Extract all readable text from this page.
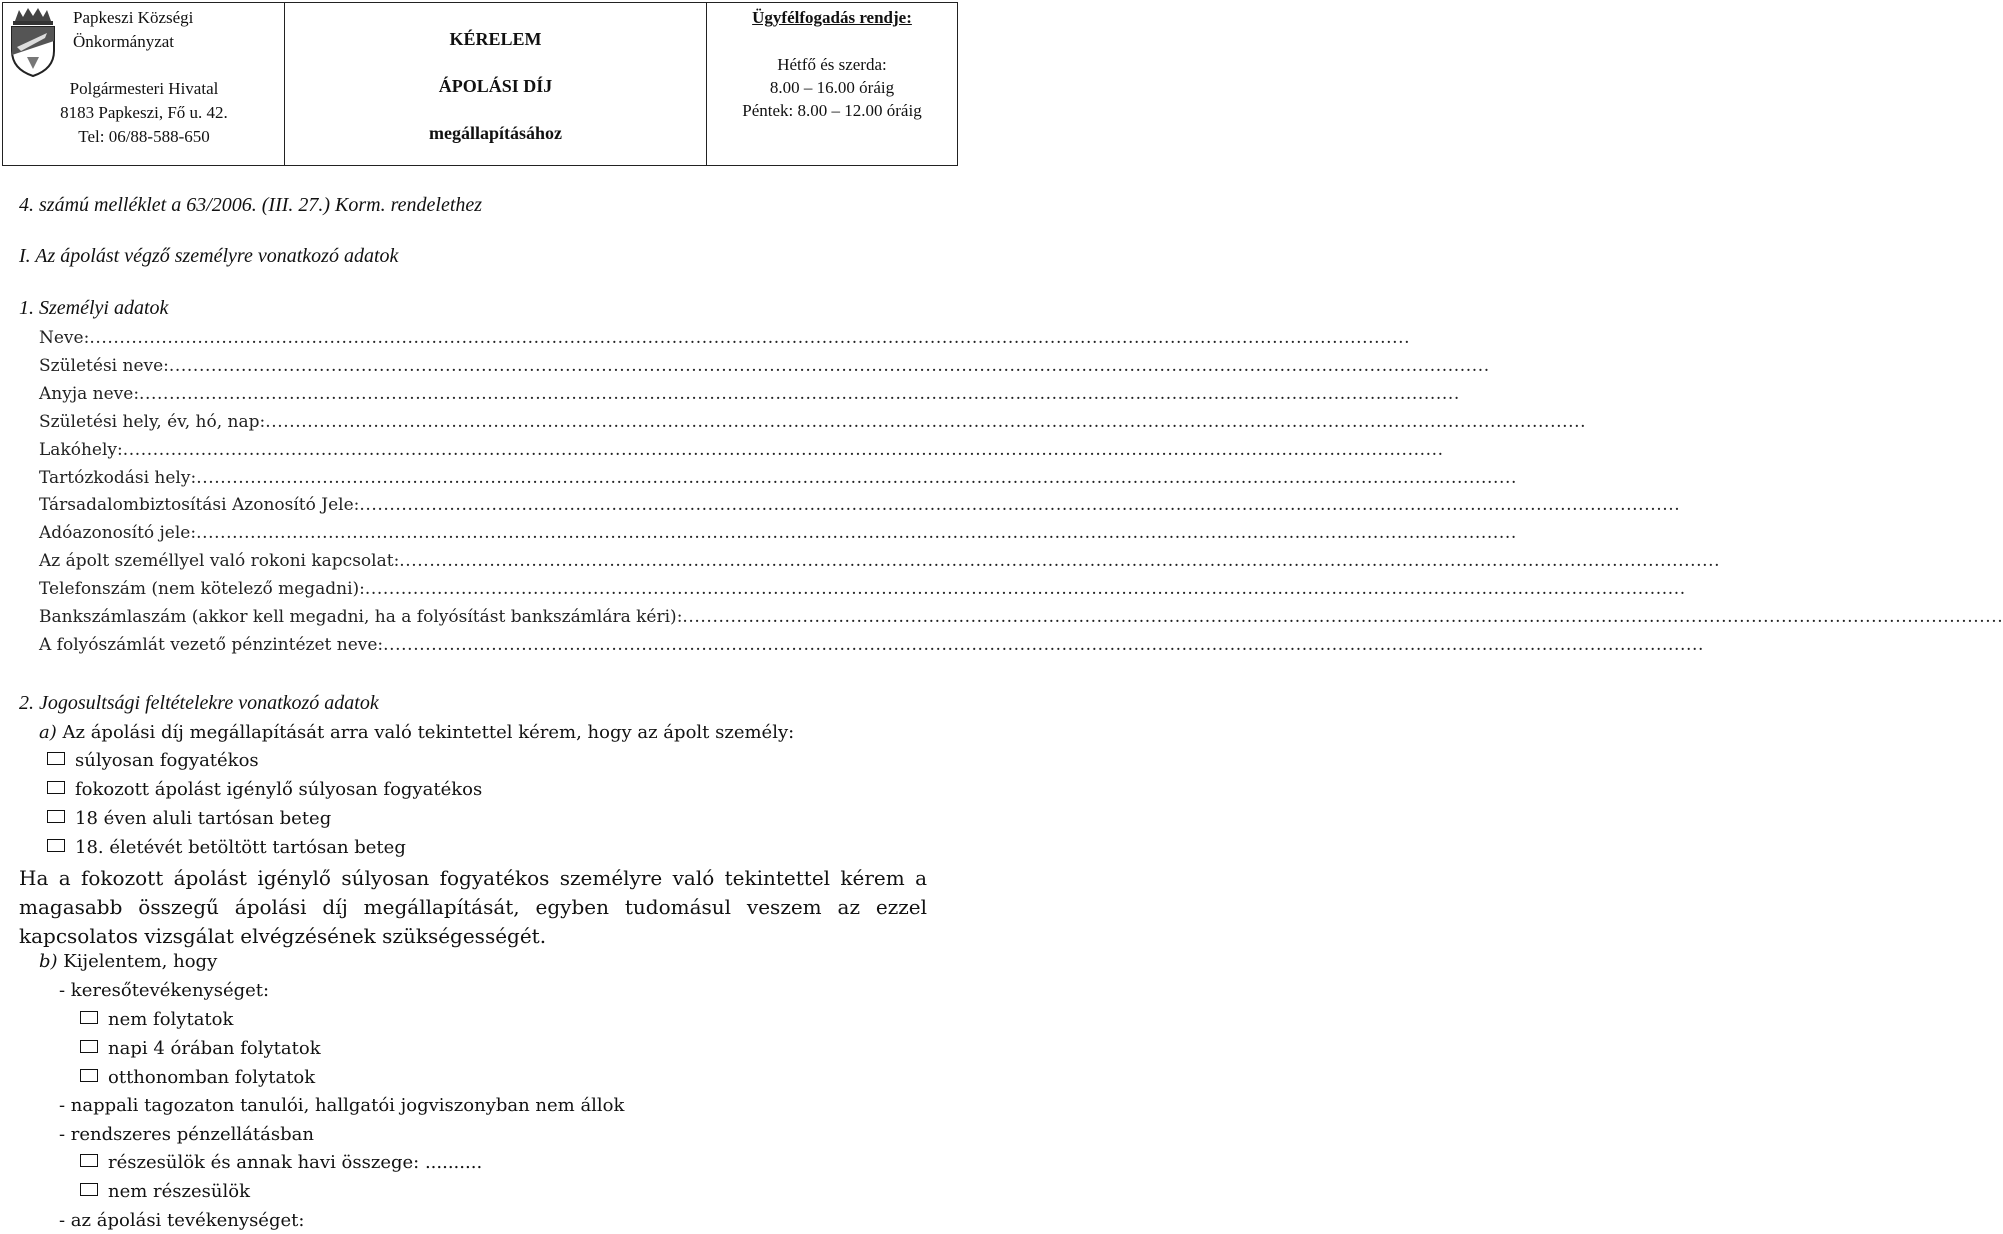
Papkeszi Községi
Önkormányzat
Polgármesteri Hivatal
8183 Papkeszi, Fő u. 42.
Tel: 06/88-588-650
KÉRELEM
ÁPOLÁSI DÍJ
megállapításához
Ügyfélfogadás rendje:
Hétfő és szerda:
8.00 – 16.00 óráig
Péntek: 8.00 – 12.00 óráig
4. számú melléklet a 63/2006. (III. 27.) Korm. rendelethez
I. Az ápolást végző személyre vonatkozó adatok
1. Személyi adatok
Neve:............................................................................................................................................................................................................................
Születési neve:............................................................................................................................................................................................................................
Anyja neve:............................................................................................................................................................................................................................
Születési hely, év, hó, nap:............................................................................................................................................................................................................................
Lakóhely:............................................................................................................................................................................................................................
Tartózkodási hely:............................................................................................................................................................................................................................
Társadalombiztosítási Azonosító Jele:............................................................................................................................................................................................................................
Adóazonosító jele:............................................................................................................................................................................................................................
Az ápolt személlyel való rokoni kapcsolat:............................................................................................................................................................................................................................
Telefonszám (nem kötelező megadni):............................................................................................................................................................................................................................
Bankszámlaszám (akkor kell megadni, ha a folyósítást bankszámlára kéri):............................................................................................................................................................................................................................
A folyószámlát vezető pénzintézet neve:............................................................................................................................................................................................................................
2. Jogosultsági feltételekre vonatkozó adatok
a) Az ápolási díj megállapítását arra való tekintettel kérem, hogy az ápolt személy:
súlyosan fogyatékos
fokozott ápolást igénylő súlyosan fogyatékos
18 éven aluli tartósan beteg
18. életévét betöltött tartósan beteg
Ha a fokozott ápolást igénylő súlyosan fogyatékos személyre való tekintettel kérem a magasabb összegű ápolási díj megállapítását, egyben tudomásul veszem az ezzel kapcsolatos vizsgálat elvégzésének szükségességét.
b) Kijelentem, hogy
- keresőtevékenységet:
nem folytatok
napi 4 órában folytatok
otthonomban folytatok
- nappali tagozaton tanulói, hallgatói jogviszonyban nem állok
- rendszeres pénzellátásban
részesülök és annak havi összege: ..........
nem részesülök
- az ápolási tevékenységet:
